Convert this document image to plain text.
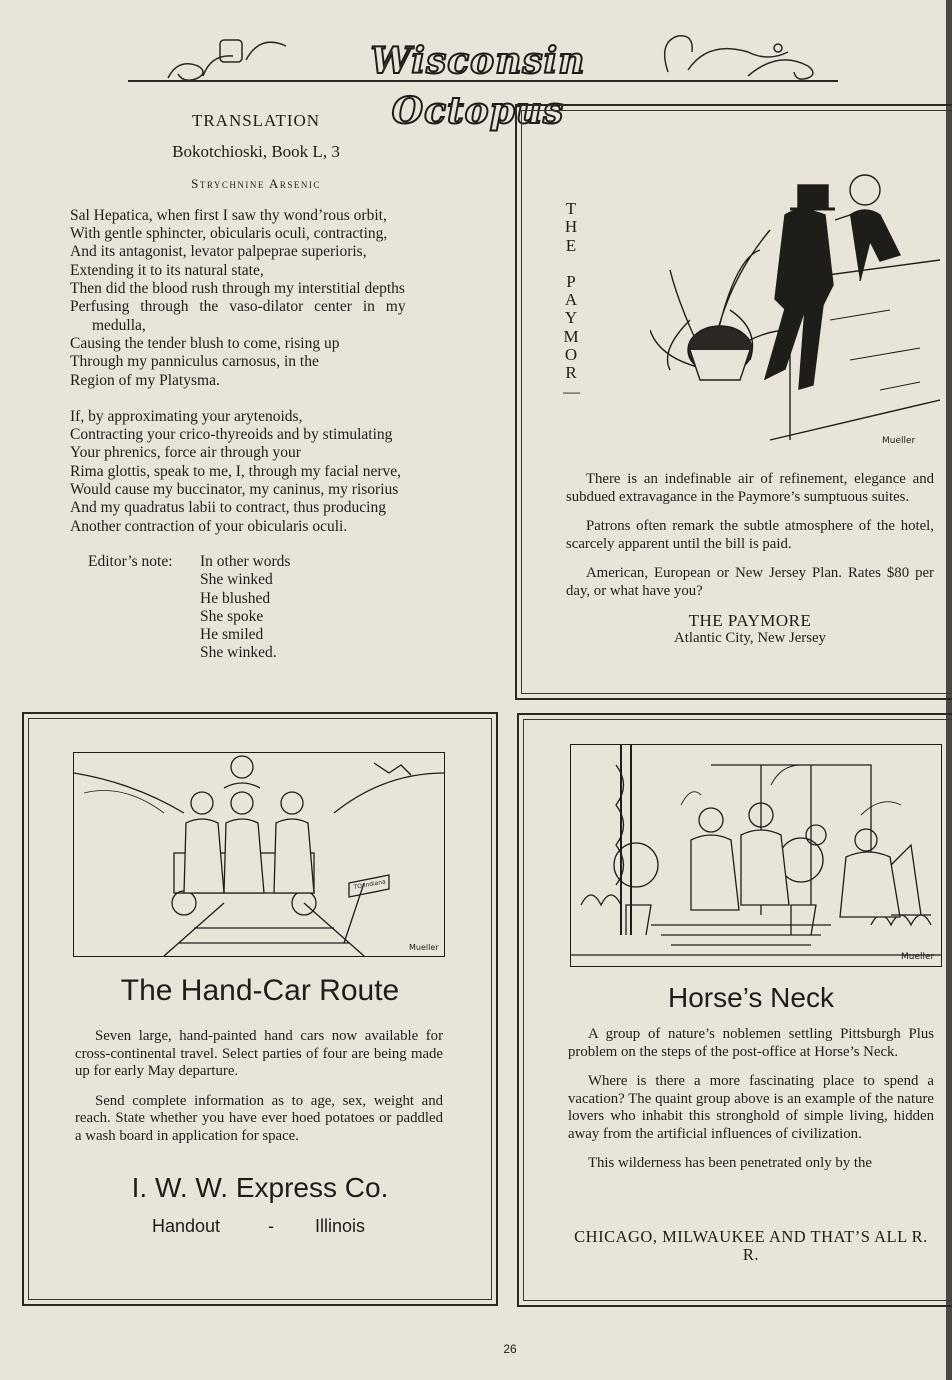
Wisconsin Octopus
TRANSLATION
Bokotchioski, Book L, 3
Strychnine Arsenic
Sal Hepatica, when first I saw thy wond’rous orbit,
With gentle sphincter, obicularis oculi, contracting,
And its antagonist, levator palpeprae superioris,
Extending it to its natural state,
Then did the blood rush through my interstitial depths
Perfusing through the vaso-dilator center in my
medulla,
Causing the tender blush to come, rising up
Through my panniculus carnosus, in the
Region of my Platysma.
If, by approximating your arytenoids,
Contracting your crico-thyreoids and by stimulating
Your phrenics, force air through your
Rima glottis, speak to me, I, through my facial nerve,
Would cause my buccinator, my caninus, my risorius
And my quadratus labii to contract, thus producing
Another contraction of your obicularis oculi.
Editor’s note: In other words
She winked
He blushed
She spoke
He smiled
She winked.
T
H
E
P
A
Y
M
O
R
—
Mueller

There is an indefinable air of refinement, elegance and subdued extravagance in the Paymore’s sumptuous suites.

Patrons often remark the subtle atmosphere of the hotel, scarcely apparent until the bill is paid.

American, European or New Jersey Plan. Rates $80 per day, or what have you?

THE PAYMORE
Atlantic City, New Jersey
TO Indiana
Mueller
The Hand-Car Route

Seven large, hand-painted hand cars now available for cross-continental travel. Select parties of four are being made up for early May departure.

Send complete information as to age, sex, weight and reach. State whether you have ever hoed potatoes or paddled a wash board in application for space.

I. W. W. Express Co.
Handout	- Illinois
Mueller
Horse’s Neck

A group of nature’s noblemen settling Pittsburgh Plus problem on the steps of the post-office at Horse’s Neck.

Where is there a more fascinating place to spend a vacation? The quaint group above is an example of the nature lovers who inhabit this stronghold of simple living, hidden away from the artificial influences of civilization.

This wilderness has been penetrated only by the

CHICAGO, MILWAUKEE AND THAT’S ALL R. R.
26
